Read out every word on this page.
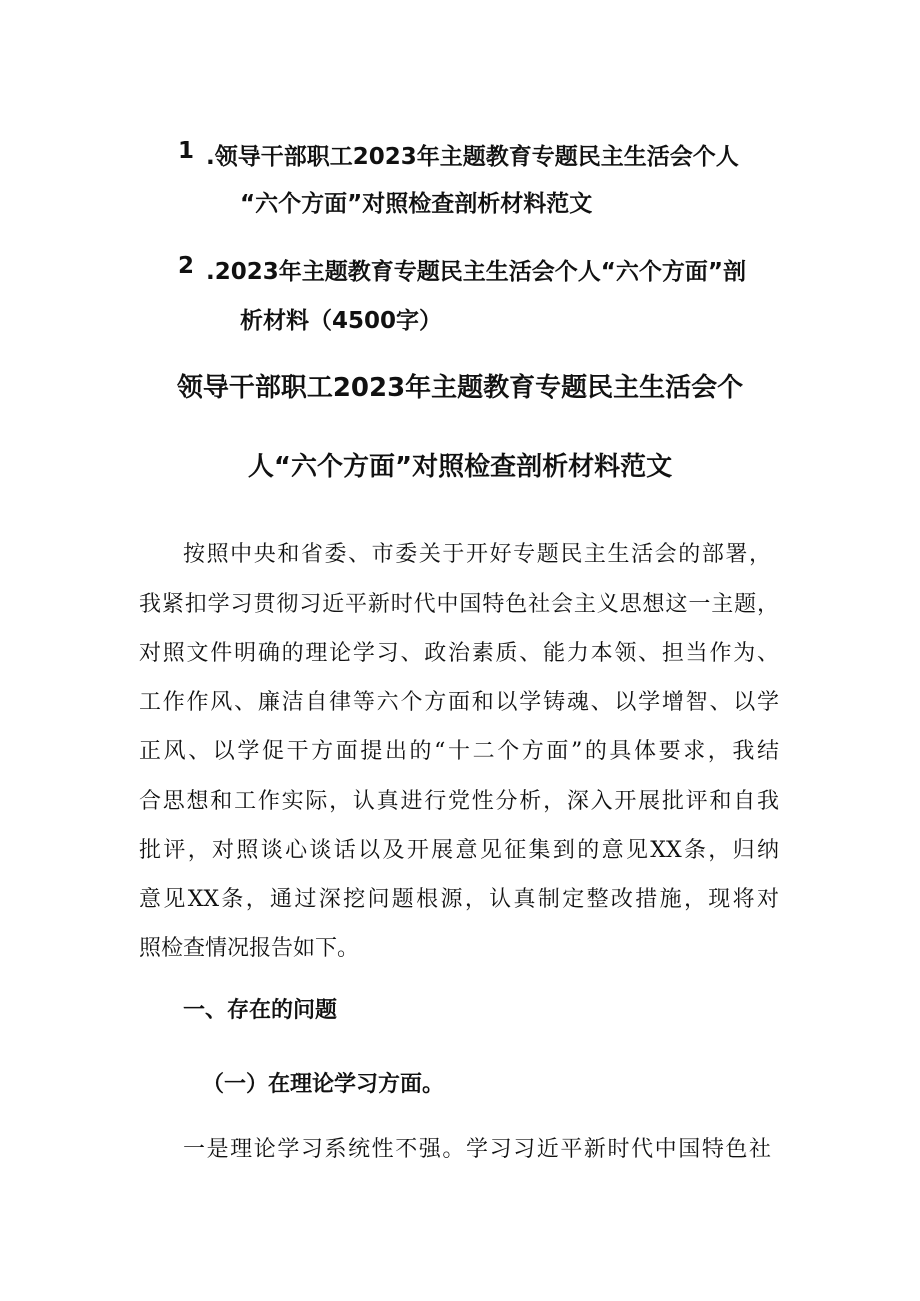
1 .领导干部职工2023年主题教育专题民主生活会个人
“六个方面”对照检查剖析材料范文
2 .2023年主题教育专题民主生活会个人“六个方面”剖
析材料（4500字）
领导干部职工2023年主题教育专题民主生活会个
人“六个方面”对照检查剖析材料范文
按照中央和省委、市委关于开好专题民主生活会的部署，
我紧扣学习贯彻习近平新时代中国特色社会主义思想这一主题，
对照文件明确的理论学习、政治素质、能力本领、担当作为、
工作作风、廉洁自律等六个方面和以学铸魂、以学增智、以学
正风、以学促干方面提出的“十二个方面”的具体要求，我结
合思想和工作实际，认真进行党性分析，深入开展批评和自我
批评，对照谈心谈话以及开展意见征集到的意见XX条，归纳
意见XX条，通过深挖问题根源，认真制定整改措施，现将对
照检查情况报告如下。
一、存在的问题
（一）在理论学习方面。
一是理论学习系统性不强。学习习近平新时代中国特色社
